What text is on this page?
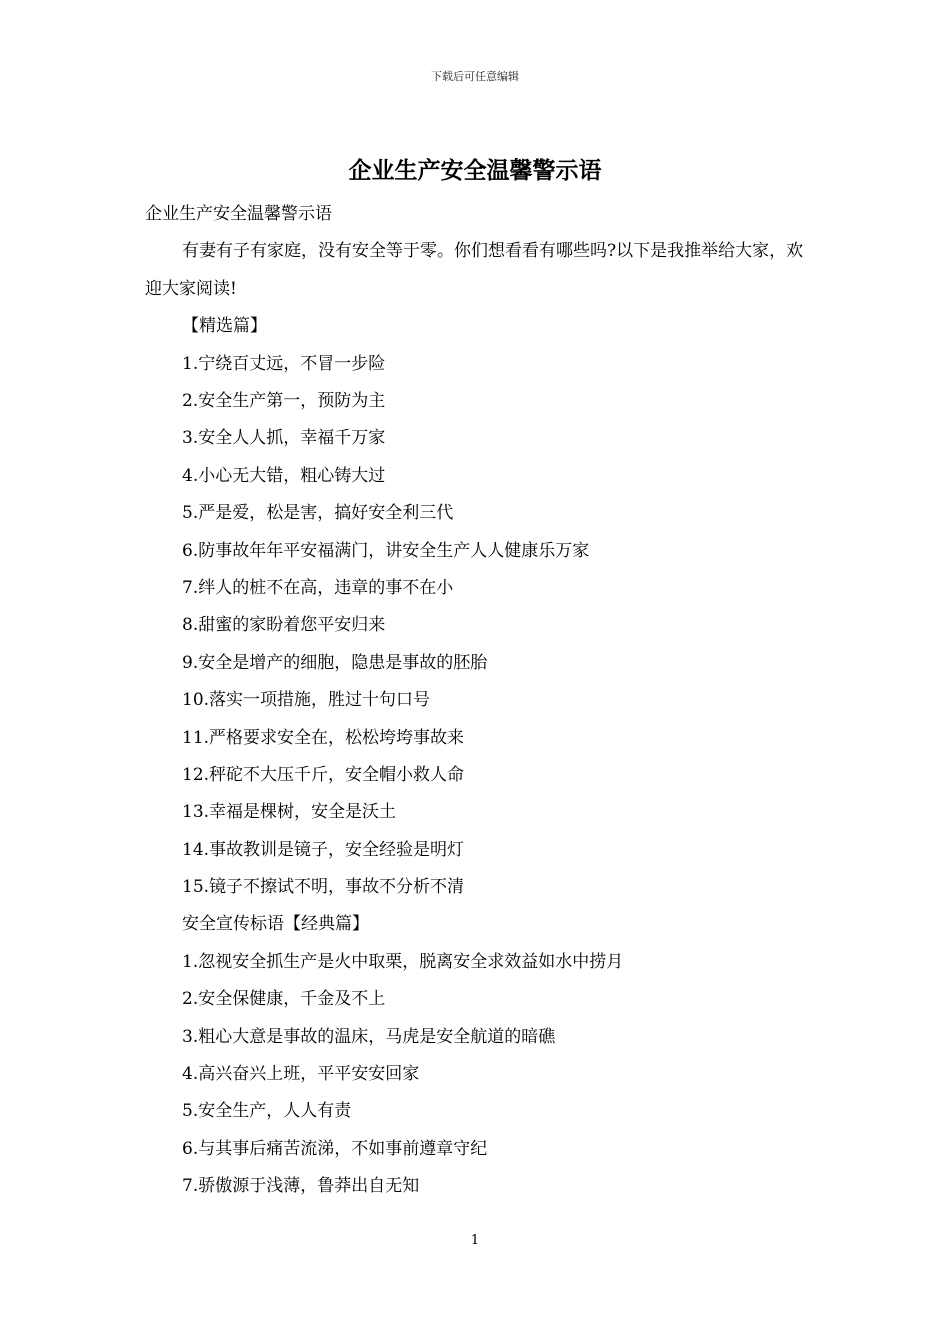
下载后可任意编辑
企业生产安全温馨警示语
企业生产安全温馨警示语

有妻有子有家庭，没有安全等于零。你们想看看有哪些吗?以下是我推举给大家，欢迎大家阅读!

【精选篇】
1.宁绕百丈远，不冒一步险
2.安全生产第一，预防为主
3.安全人人抓，幸福千万家
4.小心无大错，粗心铸大过
5.严是爱，松是害，搞好安全利三代
6.防事故年年平安福满门，讲安全生产人人健康乐万家
7.绊人的桩不在高，违章的事不在小
8.甜蜜的家盼着您平安归来
9.安全是增产的细胞，隐患是事故的胚胎
10.落实一项措施，胜过十句口号
11.严格要求安全在，松松垮垮事故来
12.秤砣不大压千斤，安全帽小救人命
13.幸福是棵树，安全是沃土
14.事故教训是镜子，安全经验是明灯
15.镜子不擦试不明，事故不分析不清
安全宣传标语【经典篇】
1.忽视安全抓生产是火中取栗，脱离安全求效益如水中捞月
2.安全保健康，千金及不上
3.粗心大意是事故的温床，马虎是安全航道的暗礁
4.高兴奋兴上班，平平安安回家
5.安全生产，人人有责
6.与其事后痛苦流涕，不如事前遵章守纪
7.骄傲源于浅薄，鲁莽出自无知
1
